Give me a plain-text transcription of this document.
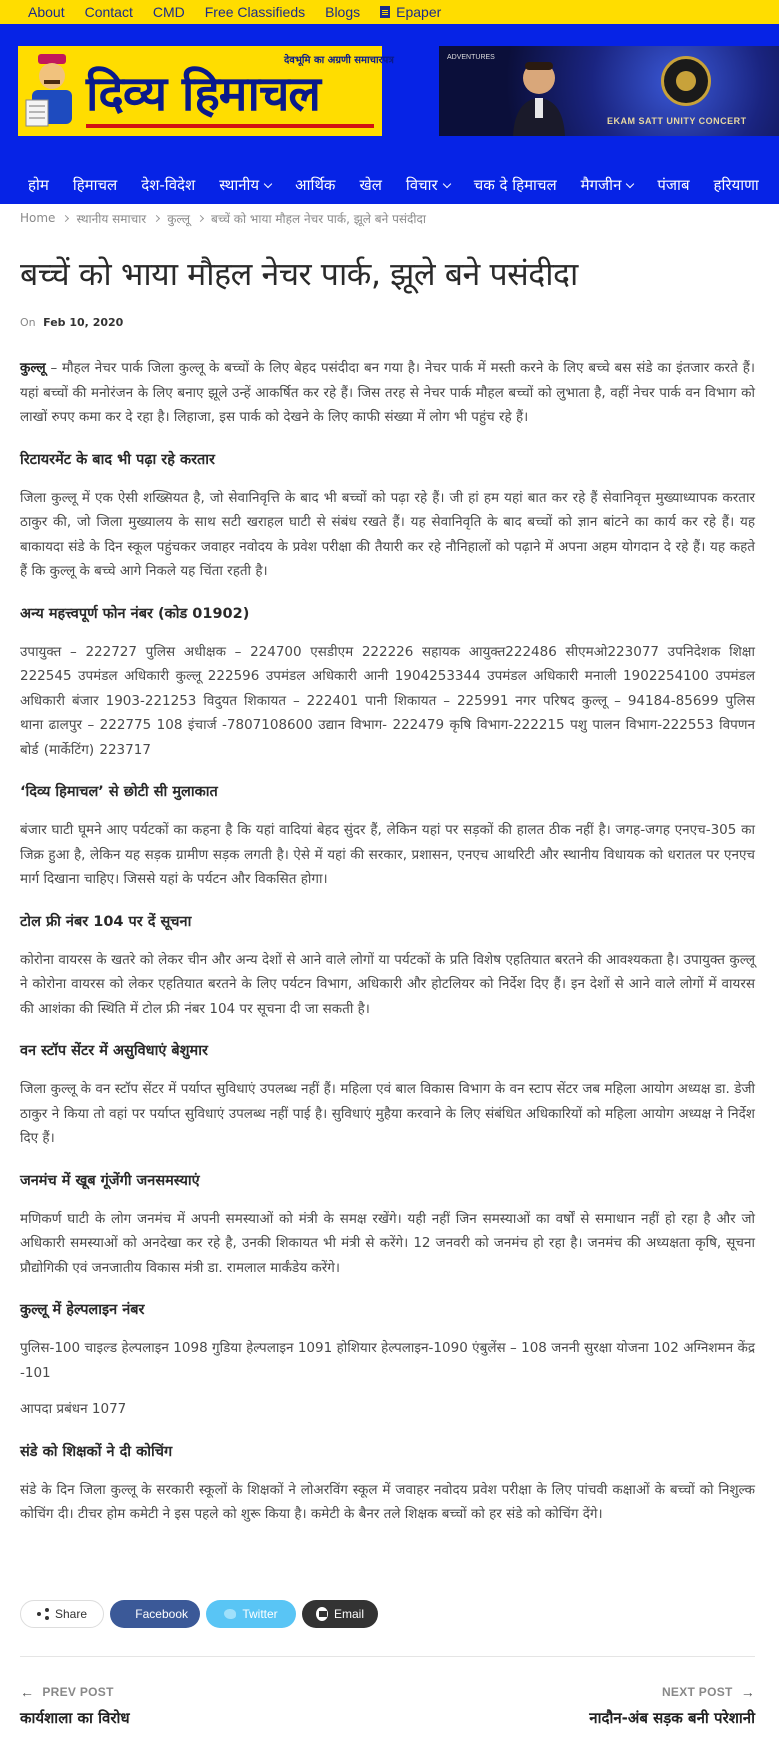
About Contact CMD Free Classifieds Blogs	Epaper
देवभूमि का अग्रणी समाचारपत्र
दिव्य हिमाचल
ADVENTURES
EKAM SATT UNITY CONCERT
होम हिमाचल देश-विदेश स्थानीय आर्थिक खेल विचार चक दे हिमाचल मैगजीन पंजाब हरियाणा
Home स्थानीय समाचार कुल्लू बच्चें को भाया मौहल नेचर पार्क, झूले बने पसंदीदा
बच्चें को भाया मौहल नेचर पार्क, झूले बने पसंदीदा
On Feb 10, 2020

कुल्लू – मौहल नेचर पार्क जिला कुल्लू के बच्चों के लिए बेहद पसंदीदा बन गया है। नेचर पार्क में मस्ती करने के लिए बच्चे बस संडे का इंतजार करते हैं। यहां बच्चों की मनोरंजन के लिए बनाए झूले उन्हें आकर्षित कर रहे हैं। जिस तरह से नेचर पार्क मौहल बच्चों को लुभाता है, वहीं नेचर पार्क वन विभाग को लाखों रुपए कमा कर दे रहा है। लिहाजा, इस पार्क को देखने के लिए काफी संख्या में लोग भी पहुंच रहे हैं।

रिटायरमेंट के बाद भी पढ़ा रहे करतार

जिला कुल्लू में एक ऐसी शख्सियत है, जो सेवानिवृत्ति के बाद भी बच्चों को पढ़ा रहे हैं। जी हां हम यहां बात कर रहे हैं सेवानिवृत्त मुख्याध्यापक करतार ठाकुर की, जो जिला मुख्यालय के साथ सटी खराहल घाटी से संबंध रखते हैं। यह सेवानिवृति के बाद बच्चों को ज्ञान बांटने का कार्य कर रहे हैं। यह बाकायदा संडे के दिन स्कूल पहुंचकर जवाहर नवोदय के प्रवेश परीक्षा की तैयारी कर रहे नौनिहालों को पढ़ाने में अपना अहम योगदान दे रहे हैं। यह कहते हैं कि कुल्लू के बच्चे आगे निकले यह चिंता रहती है।

अन्य महत्त्वपूर्ण फोन नंबर (कोड 01902)

उपायुक्त – 222727 पुलिस अधीक्षक – 224700 एसडीएम 222226 सहायक आयुक्त222486 सीएमओ223077 उपनिदेशक शिक्षा 222545 उपमंडल अधिकारी कुल्लू 222596 उपमंडल अधिकारी आनी 1904253344 उपमंडल अधिकारी मनाली 1902254100 उपमंडल अधिकारी बंजार 1903-221253 विदुयत शिकायत – 222401 पानी शिकायत – 225991 नगर परिषद कुल्लू – 94184-85699 पुलिस थाना ढालपुर – 222775 108 इंचार्ज -7807108600 उद्यान विभाग- 222479 कृषि विभाग-222215 पशु पालन विभाग-222553 विपणन बोर्ड (मार्केटिंग) 223717

‘दिव्य हिमाचल’ से छोटी सी मुलाकात

बंजार घाटी घूमने आए पर्यटकों का कहना है कि यहां वादियां बेहद सुंदर हैं, लेकिन यहां पर सड़कों की हालत ठीक नहीं है। जगह-जगह एनएच-305 का जिक्र हुआ है, लेकिन यह सड़क ग्रामीण सड़क लगती है। ऐसे में यहां की सरकार, प्रशासन, एनएच आथरिटी और स्थानीय विधायक को धरातल पर एनएच मार्ग दिखाना चाहिए। जिससे यहां के पर्यटन और विकसित होगा।

टोल फ्री नंबर 104 पर दें सूचना

कोरोना वायरस के खतरे को लेकर चीन और अन्य देशों से आने वाले लोगों या पर्यटकों के प्रति विशेष एहतियात बरतने की आवश्यकता है। उपायुक्त कुल्लू ने कोरोना वायरस को लेकर एहतियात बरतने के लिए पर्यटन विभाग, अधिकारी और होटलियर को निर्देश दिए हैं। इन देशों से आने वाले लोगों में वायरस की आशंका की स्थिति में टोल फ्री नंबर 104 पर सूचना दी जा सकती है।

वन स्टॉप सेंटर में असुविधाएं बेशुमार

जिला कुल्लू के वन स्टॉप सेंटर में पर्याप्त सुविधाएं उपलब्ध नहीं हैं। महिला एवं बाल विकास विभाग के वन स्टाप सेंटर जब महिला आयोग अध्यक्ष डा. डेजी ठाकुर ने किया तो वहां पर पर्याप्त सुविधाएं उपलब्ध नहीं पाई है। सुविधाएं मुहैया करवाने के लिए संबंधित अधिकारियों को महिला आयोग अध्यक्ष ने निर्देश दिए हैं।

जनमंच में खूब गूंजेंगी जनसमस्याएं

मणिकर्ण घाटी के लोग जनमंच में अपनी समस्याओं को मंत्री के समक्ष रखेंगे। यही नहीं जिन समस्याओं का वर्षों से समाधान नहीं हो रहा है और जो अधिकारी समस्याओं को अनदेखा कर रहे है, उनकी शिकायत भी मंत्री से करेंगे। 12 जनवरी को जनमंच हो रहा है। जनमंच की अध्यक्षता कृषि, सूचना प्रौद्योगिकी एवं जनजातीय विकास मंत्री डा. रामलाल मार्कंडेय करेंगे।

कुल्लू में हेल्पलाइन नंबर

पुलिस-100 चाइल्ड हेल्पलाइन 1098 गुडिया हेल्पलाइन 1091 होशियार हेल्पलाइन-1090 एंबुलेंस – 108 जननी सुरक्षा योजना 102 अग्निशमन केंद्र -101

आपदा प्रबंधन 1077

संडे को शिक्षकों ने दी कोचिंग

संडे के दिन जिला कुल्लू के सरकारी स्कूलों के शिक्षकों ने लोअरविंग स्कूल में जवाहर नवोदय प्रवेश परीक्षा के लिए पांचवी कक्षाओं के बच्चों को निशुल्क कोचिंग दी। टीचर होम कमेटी ने इस पहले को शुरू किया है। कमेटी के बैनर तले शिक्षक बच्चों को हर संडे को कोचिंग देंगे।

Share	Facebook	Twitter	Email
← PREV POST
कार्यशाला का विरोध
NEXT POST →
नादौन-अंब सड़क बनी परेशानी
